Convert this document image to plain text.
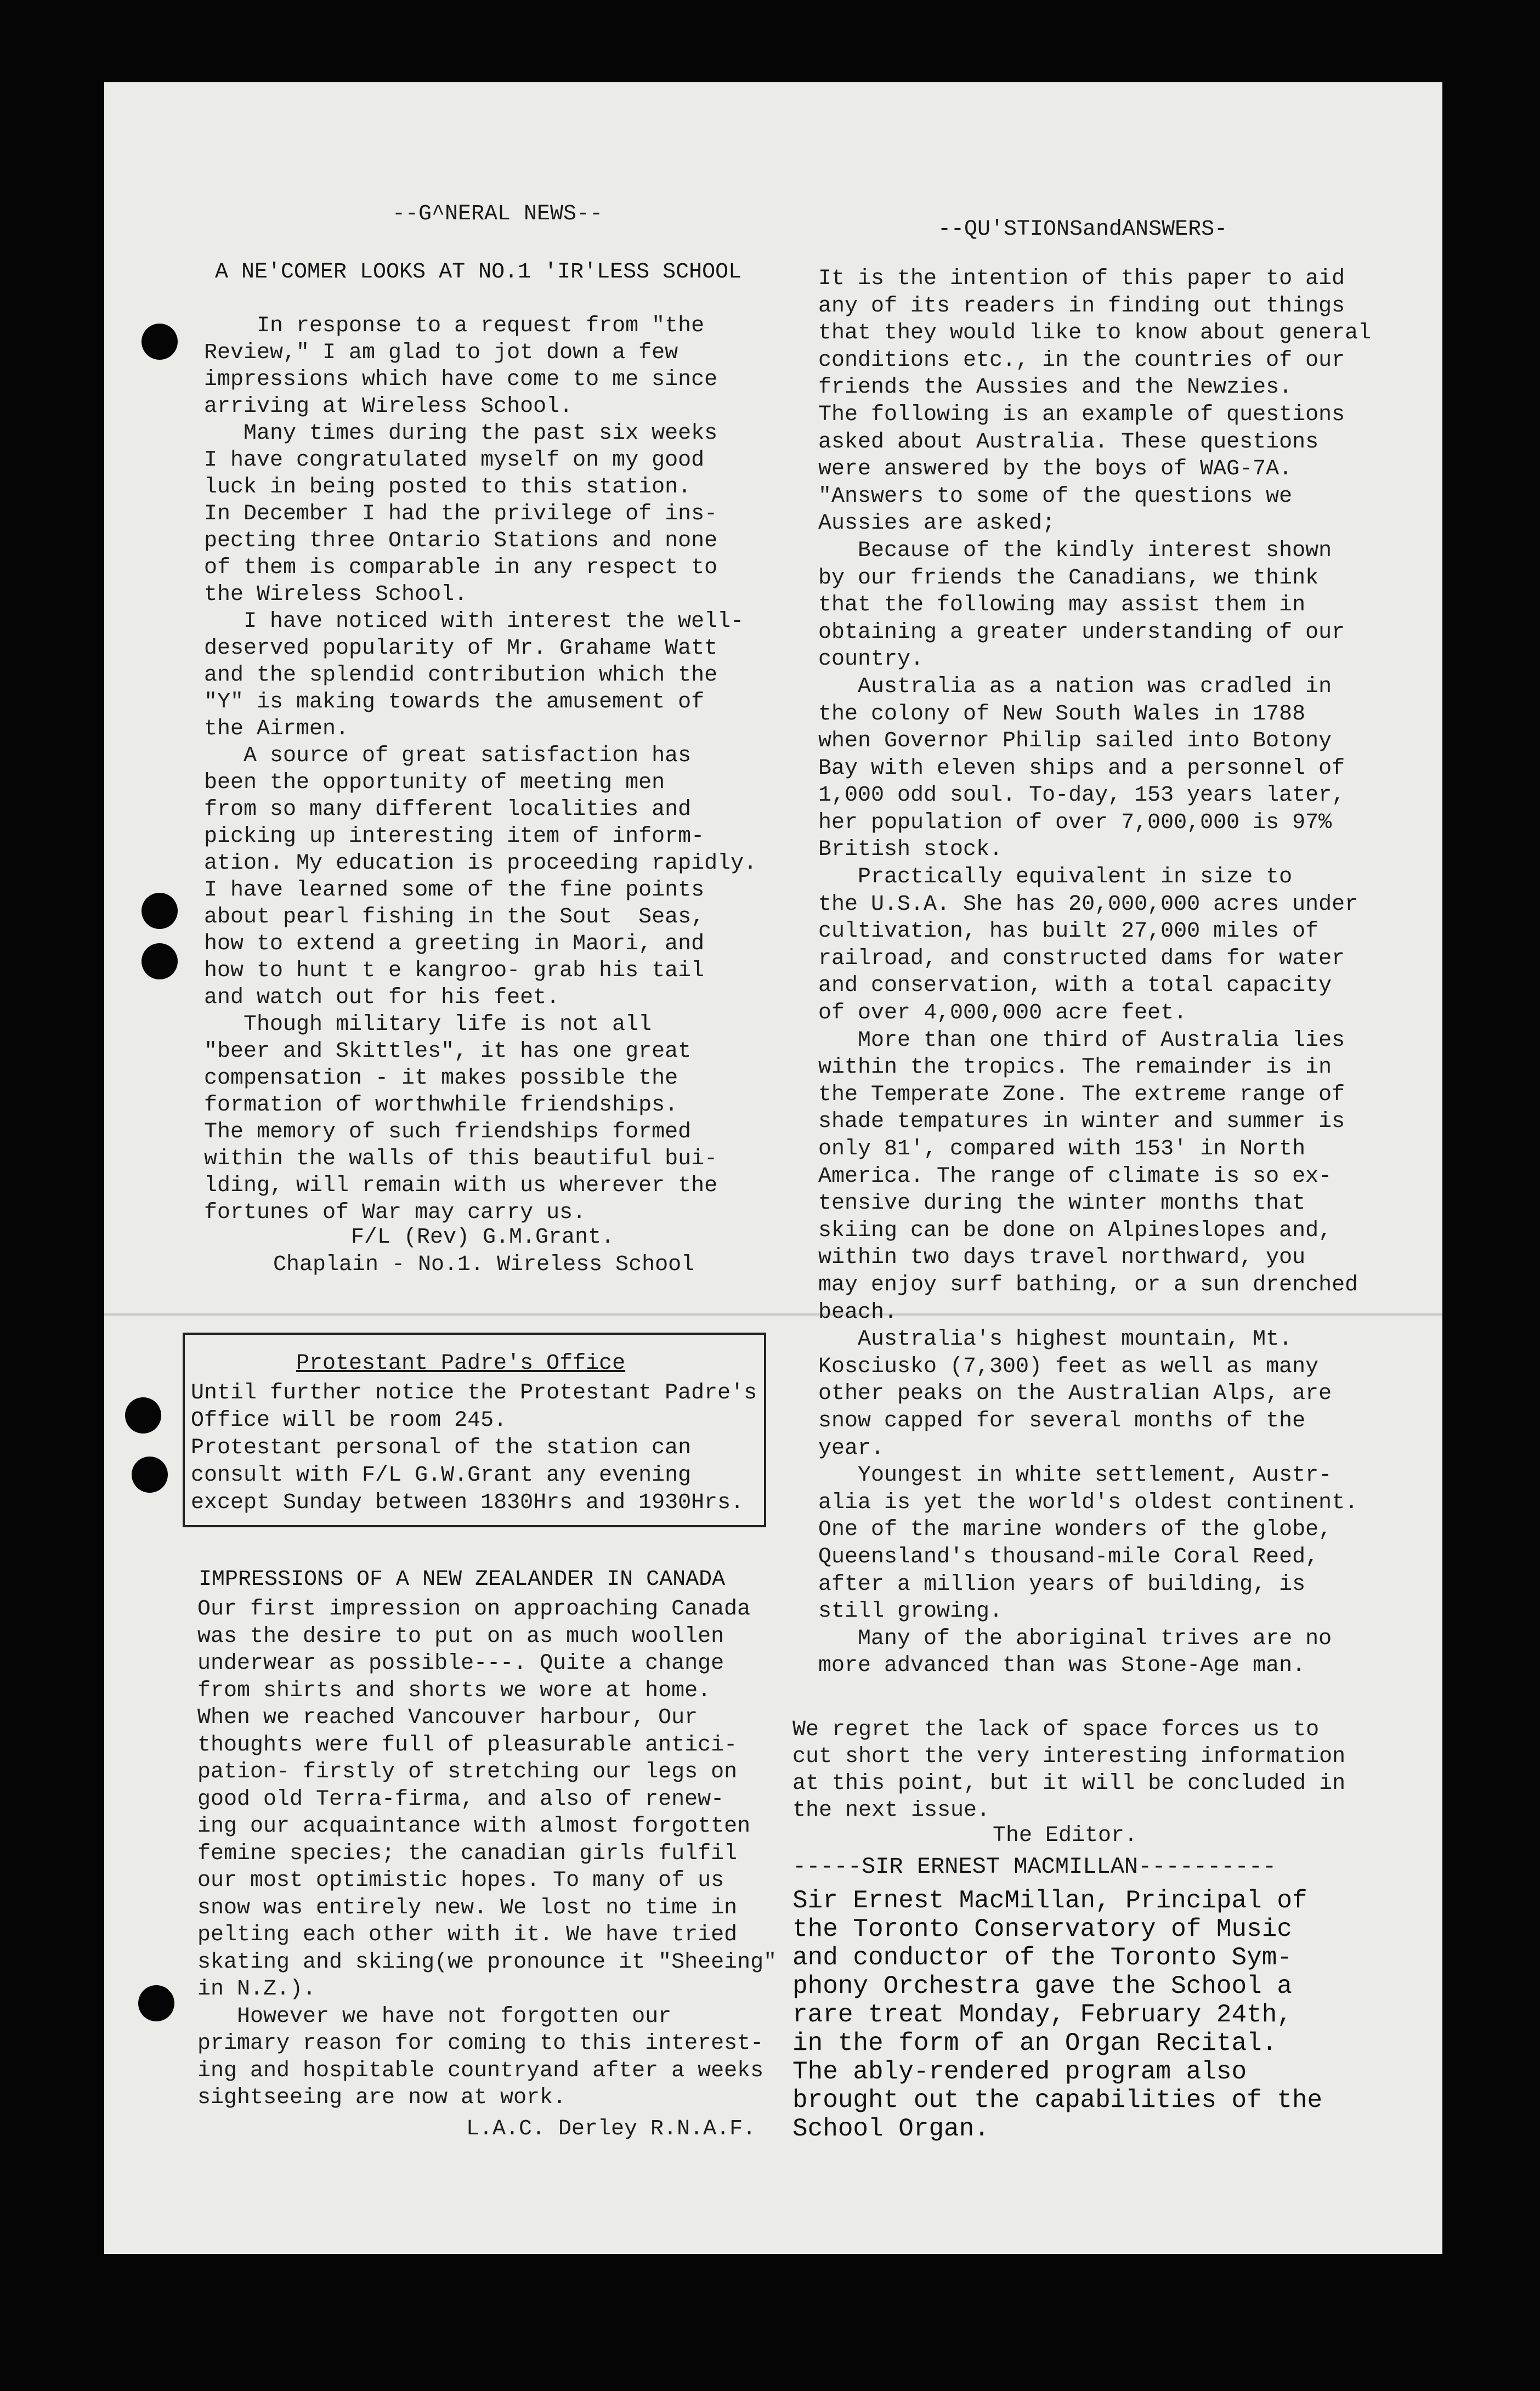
--G^NERAL NEWS--
--QU'STIONSandANSWERS-
A NE'COMER LOOKS AT NO.1 'IR'LESS SCHOOL
In response to a request from "the
Review," I am glad to jot down a few
impressions which have come to me since
arriving at Wireless School.
Many times during the past six weeks
I have congratulated myself on my good
luck in being posted to this station.
In December I had the privilege of ins-
pecting three Ontario Stations and none
of them is comparable in any respect to
the Wireless School.
I have noticed with interest the well-
deserved popularity of Mr. Grahame Watt
and the splendid contribution which the
"Y" is making towards the amusement of
the Airmen.
A source of great satisfaction has
been the opportunity of meeting men
from so many different localities and
picking up interesting item of inform-
ation. My education is proceeding rapidly.
I have learned some of the fine points
about pearl fishing in the Sout  Seas,
how to extend a greeting in Maori, and
how to hunt t e kangroo- grab his tail
and watch out for his feet.
Though military life is not all
"beer and Skittles", it has one great
compensation - it makes possible the
formation of worthwhile friendships.
The memory of such friendships formed
within the walls of this beautiful bui-
lding, will remain with us wherever the
fortunes of War may carry us.
F/L (Rev) G.M.Grant.
Chaplain - No.1. Wireless School
Protestant Padre's Office
Until further notice the Protestant Padre's
Office will be room 245.
Protestant personal of the station can
consult with F/L G.W.Grant any evening
except Sunday between 1830Hrs and 1930Hrs.
IMPRESSIONS OF A NEW ZEALANDER IN CANADA
Our first impression on approaching Canada
was the desire to put on as much woollen
underwear as possible---. Quite a change
from shirts and shorts we wore at home.
When we reached Vancouver harbour, Our
thoughts were full of pleasurable antici-
pation- firstly of stretching our legs on
good old Terra-firma, and also of renew-
ing our acquaintance with almost forgotten
femine species; the canadian girls fulfil
our most optimistic hopes. To many of us
snow was entirely new. We lost no time in
pelting each other with it. We have tried
skating and skiing(we pronounce it "Sheeing"
in N.Z.).
However we have not forgotten our
primary reason for coming to this interest-
ing and hospitable countryand after a weeks
sightseeing are now at work.
L.A.C. Derley R.N.A.F.
It is the intention of this paper to aid
any of its readers in finding out things
that they would like to know about general
conditions etc., in the countries of our
friends the Aussies and the Newzies.
The following is an example of questions
asked about Australia. These questions
were answered by the boys of WAG-7A.
"Answers to some of the questions we
Aussies are asked;
Because of the kindly interest shown
by our friends the Canadians, we think
that the following may assist them in
obtaining a greater understanding of our
country.
Australia as a nation was cradled in
the colony of New South Wales in 1788
when Governor Philip sailed into Botony
Bay with eleven ships and a personnel of
1,000 odd soul. To-day, 153 years later,
her population of over 7,000,000 is 97%
British stock.
Practically equivalent in size to
the U.S.A. She has 20,000,000 acres under
cultivation, has built 27,000 miles of
railroad, and constructed dams for water
and conservation, with a total capacity
of over 4,000,000 acre feet.
More than one third of Australia lies
within the tropics. The remainder is in
the Temperate Zone. The extreme range of
shade tempatures in winter and summer is
only 81', compared with 153' in North
America. The range of climate is so ex-
tensive during the winter months that
skiing can be done on Alpineslopes and,
within two days travel northward, you
may enjoy surf bathing, or a sun drenched
beach.
Australia's highest mountain, Mt.
Kosciusko (7,300) feet as well as many
other peaks on the Australian Alps, are
snow capped for several months of the
year.
Youngest in white settlement, Austr-
alia is yet the world's oldest continent.
One of the marine wonders of the globe,
Queensland's thousand-mile Coral Reed,
after a million years of building, is
still growing.
Many of the aboriginal trives are no
more advanced than was Stone-Age man.
We regret the lack of space forces us to
cut short the very interesting information
at this point, but it will be concluded in
the next issue.
The Editor.
-----SIR ERNEST MACMILLAN----------
Sir Ernest MacMillan, Principal of
the Toronto Conservatory of Music
and conductor of the Toronto Sym-
phony Orchestra gave the School a
rare treat Monday, February 24th,
in the form of an Organ Recital.
The ably-rendered program also
brought out the capabilities of the
School Organ.
